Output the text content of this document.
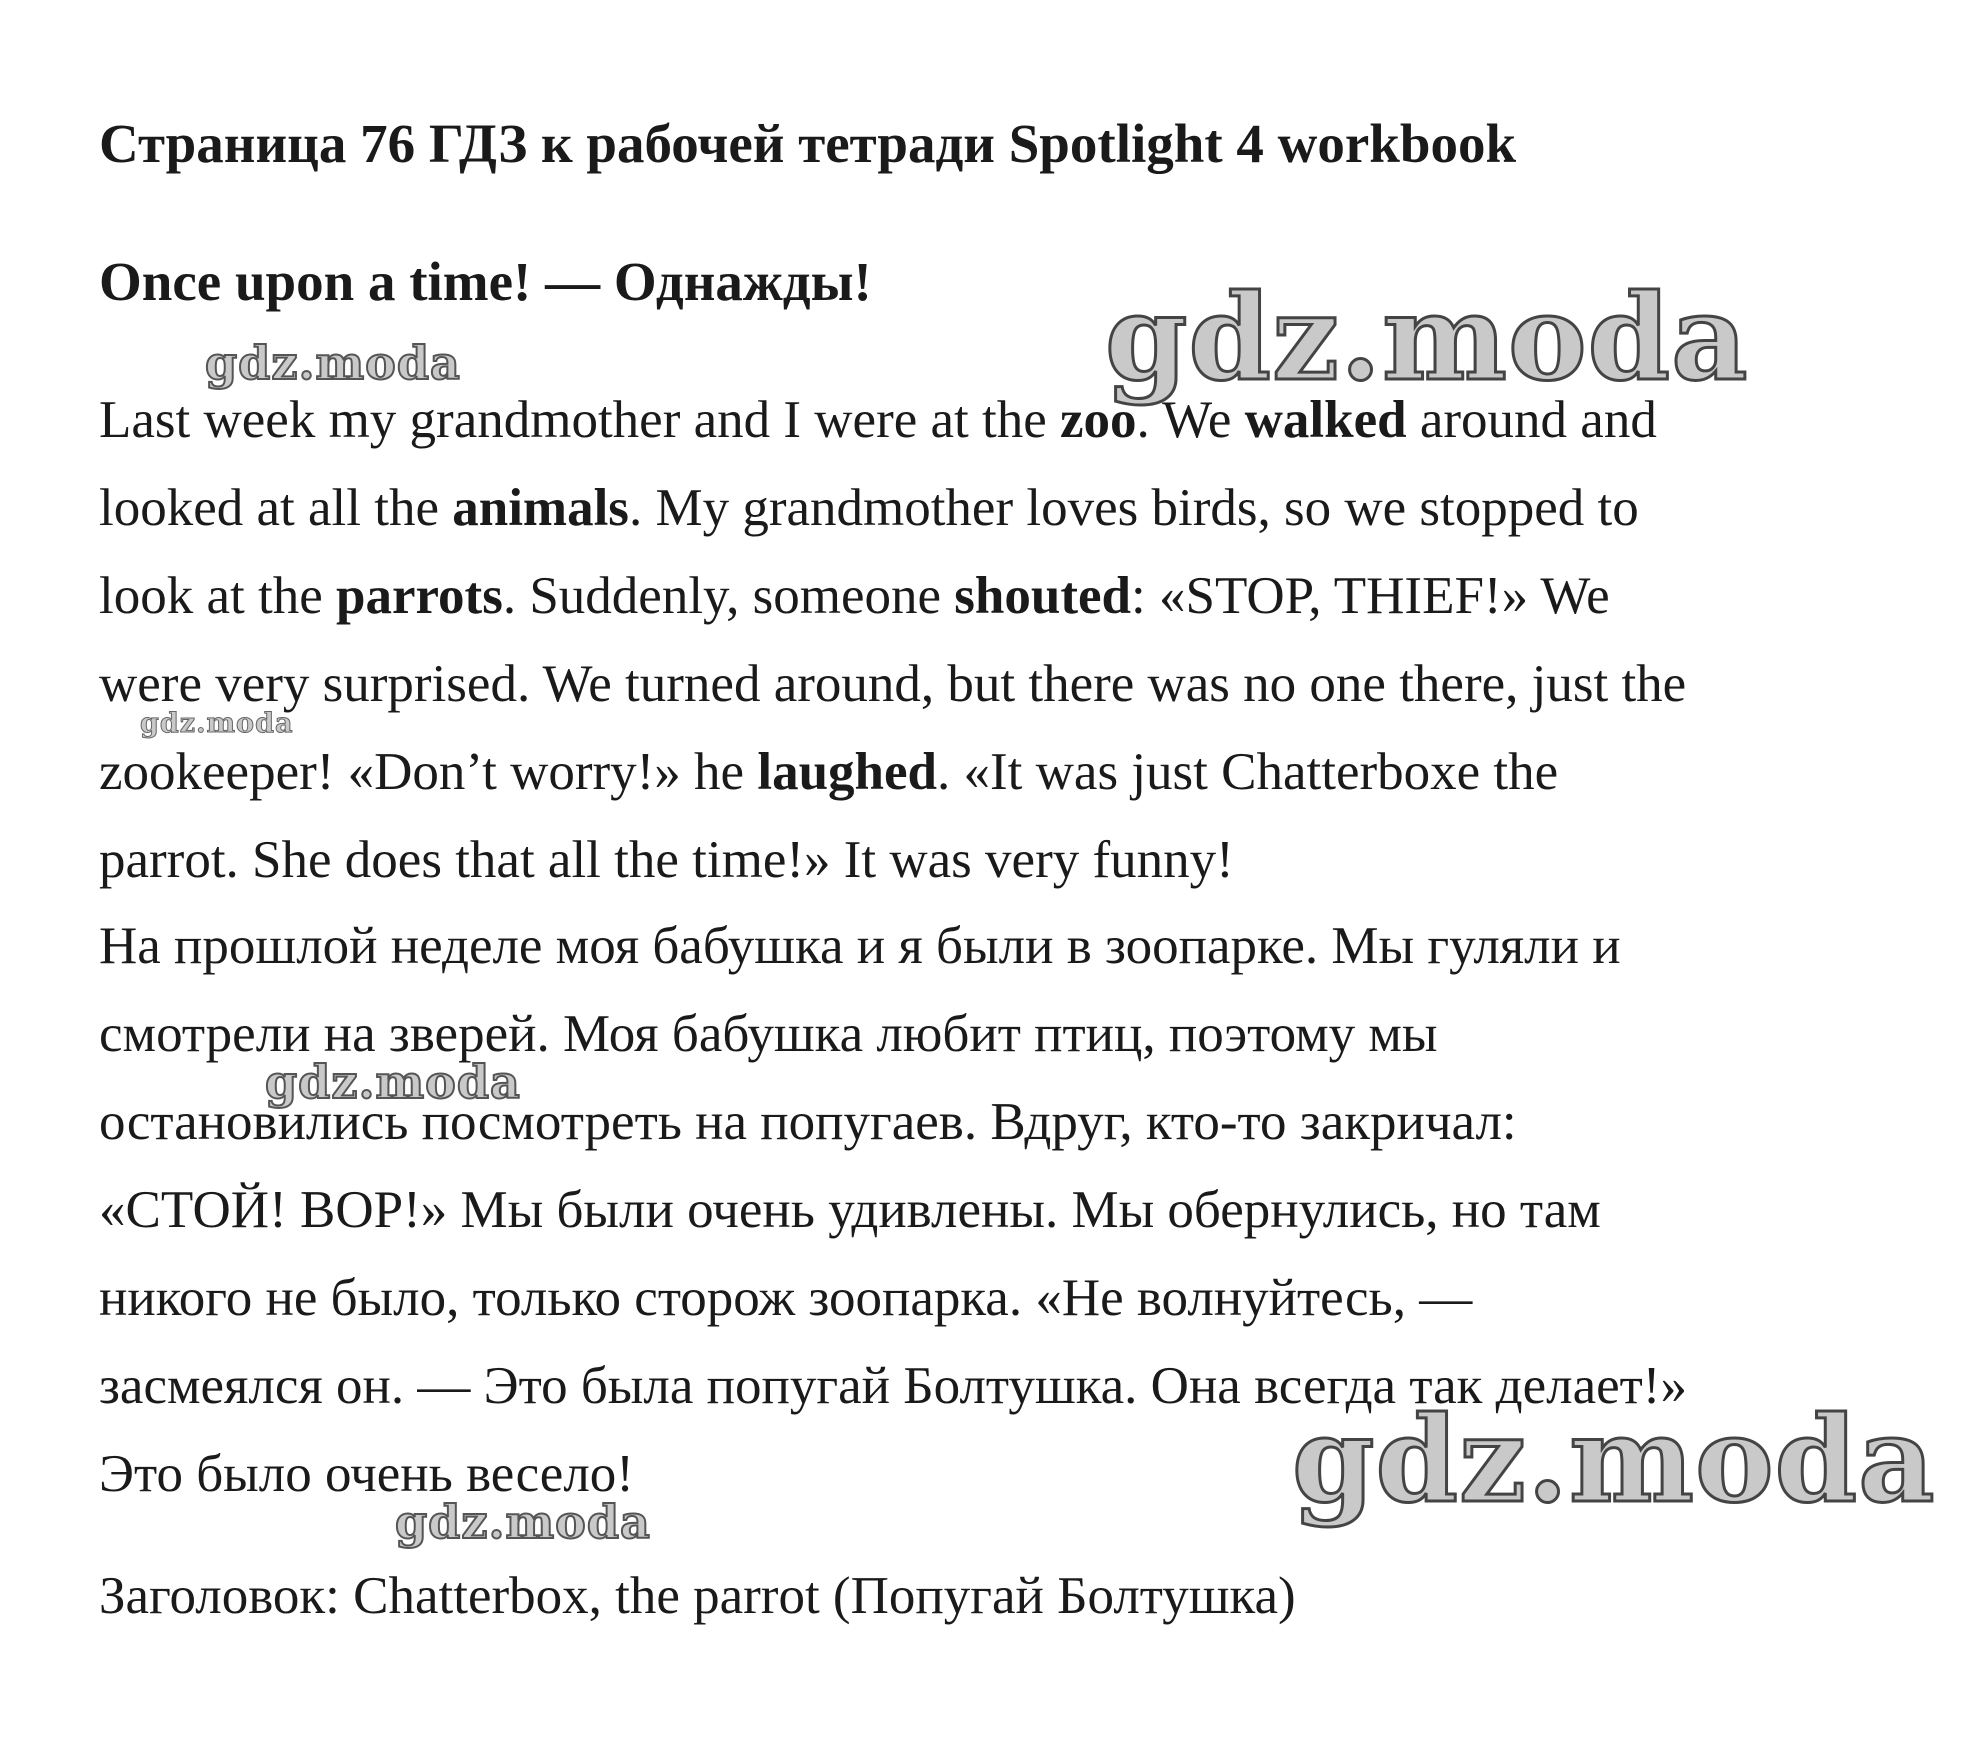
Страница 76 ГДЗ к рабочей тетради Spotlight 4 workbook
Once upon a time! — Однажды!
Last week my grandmother and I were at the zoo. We walked around and
looked at all the animals. My grandmother loves birds, so we stopped to
look at the parrots. Suddenly, someone shouted: «STOP, THIEF!» We
were very surprised. We turned around, but there was no one there, just the
zookeeper! «Don’t worry!» he laughed. «It was just Chatterboxe the
parrot. She does that all the time!» It was very funny!
На прошлой неделе моя бабушка и я были в зоопарке. Мы гуляли и
смотрели на зверей. Моя бабушка любит птиц, поэтому мы
остановились посмотреть на попугаев. Вдруг, кто-то закричал:
«СТОЙ! ВОР!» Мы были очень удивлены. Мы обернулись, но там
никого не было, только сторож зоопарка. «Не волнуйтесь, —
засмеялся он. — Это была попугай Болтушка. Она всегда так делает!»
Это было очень весело!
Заголовок: Chatterbox, the parrot (Попугай Болтушка)
gdz.moda
gdz.moda
gdz.moda
gdz.moda
gdz.moda
gdz.moda
